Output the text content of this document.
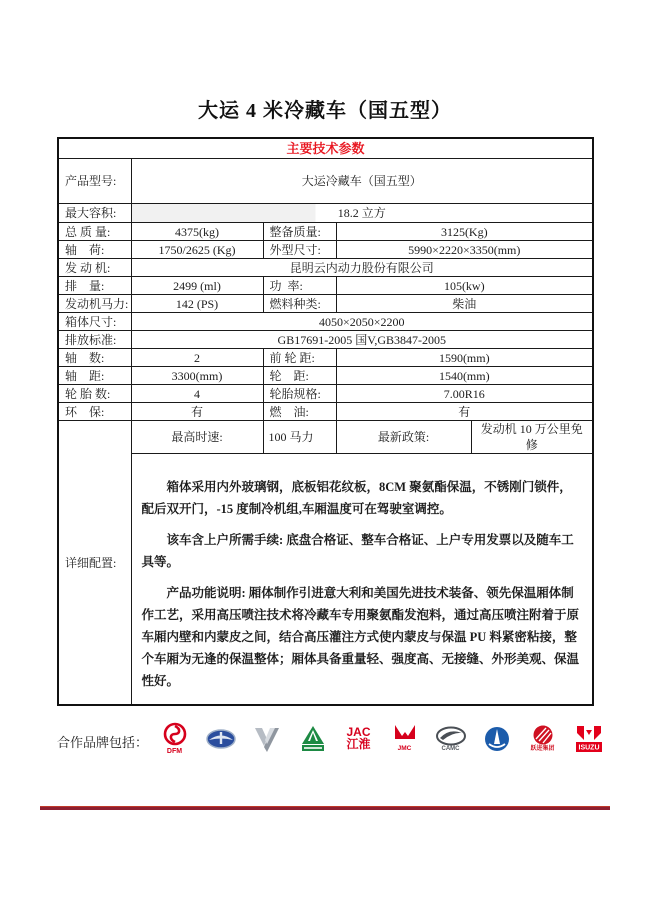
大运 4 米冷藏车（国五型）
主要技术参数				
产品型号:	大运冷藏车（国五型）			
最大容积:	18.2 立方			
总 质 量:	4375(kg)	整备质量:	3125(Kg)	
轴    荷:	1750/2625 (Kg)	外型尺寸:	5990×2220×3350(mm)	
发 动 机:	昆明云内动力股份有限公司			
排    量:	2499 (ml)	功  率:	105(kw)	
发动机马力:	142 (PS)	燃料种类:	柴油	
箱体尺寸:	4050×2050×2200			
排放标准:	GB17691-2005 国V,GB3847-2005			
轴    数:	2	前 轮 距:	1590(mm)	
轴    距:	3300(mm)	轮    距:	1540(mm)	
轮 胎 数:	4	轮胎规格:	7.00R16	
环    保:	有	燃    油:	有	
详细配置:	最高时速:	100 马力	最新政策:	发动机 10 万公里免修

	箱体采用内外玻璃钢，底板铝花纹板，8CM 聚氨酯保温，不锈刚门锁件，配后双开门，-15 度制冷机组,车厢温度可在驾驶室调控。

该车含上户所需手续: 底盘合格证、整车合格证、上户专用发票以及随车工具等。

产品功能说明: 厢体制作引进意大利和美国先进技术装备、领先保温厢体制作工艺，采用高压喷注技术将冷藏车专用聚氨酯发泡料，通过高压喷注附着于原车厢内壁和内蒙皮之间，结合高压灌注方式使内蒙皮与保温 PU 料紧密粘接，整个车厢为无逢的保温整体；厢体具备重量轻、强度高、无接缝、外形美观、保温性好。			

合作品牌包括：
DFM
JAC
江淮	JMC	CAMC	跃进集团	ISUZU
